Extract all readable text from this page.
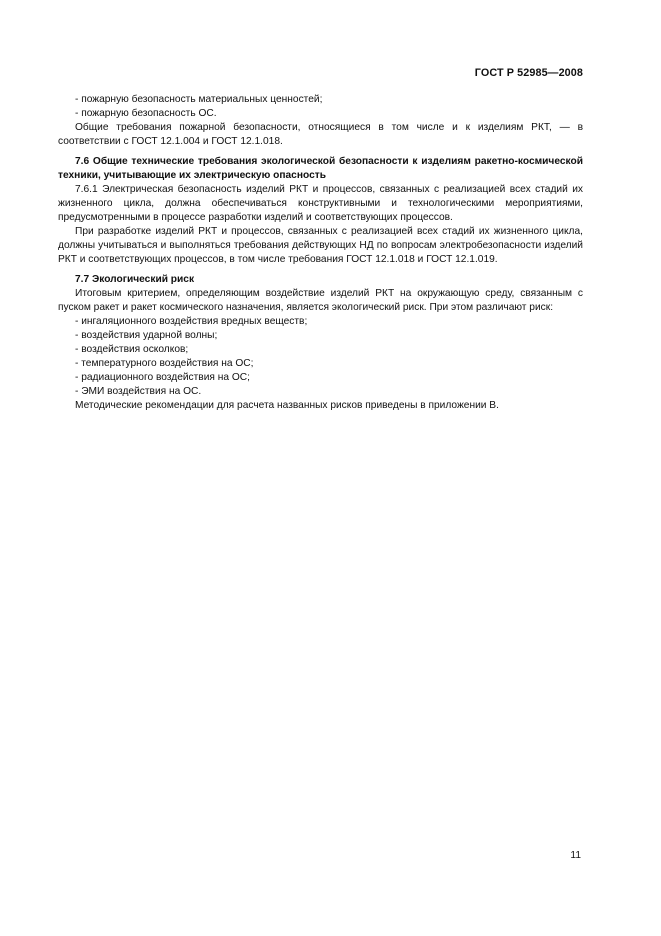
ГОСТ Р 52985—2008
- пожарную безопасность материальных ценностей;
- пожарную безопасность ОС.

Общие требования пожарной безопасности, относящиеся в том числе и к изделиям РКТ, — в соответствии с ГОСТ 12.1.004 и ГОСТ 12.1.018.

7.6 Общие технические требования экологической безопасности к изделиям ракетно-космической техники, учитывающие их электрическую опасность

7.6.1 Электрическая безопасность изделий РКТ и процессов, связанных с реализацией всех стадий их жизненного цикла, должна обеспечиваться конструктивными и технологическими мероприятиями, предусмотренными в процессе разработки изделий и соответствующих процессов.

При разработке изделий РКТ и процессов, связанных с реализацией всех стадий их жизненного цикла, должны учитываться и выполняться требования действующих НД по вопросам электробезопасности изделий РКТ и соответствующих процессов, в том числе требования ГОСТ 12.1.018 и ГОСТ 12.1.019.

7.7 Экологический риск

Итоговым критерием, определяющим воздействие изделий РКТ на окружающую среду, связанным с пуском ракет и ракет космического назначения, является экологический риск. При этом различают риск:

- ингаляционного воздействия вредных веществ;
- воздействия ударной волны;
- воздействия осколков;
- температурного воздействия на ОС;
- радиационного воздействия на ОС;
- ЭМИ воздействия на ОС.

Методические рекомендации для расчета названных рисков приведены в приложении В.

11
